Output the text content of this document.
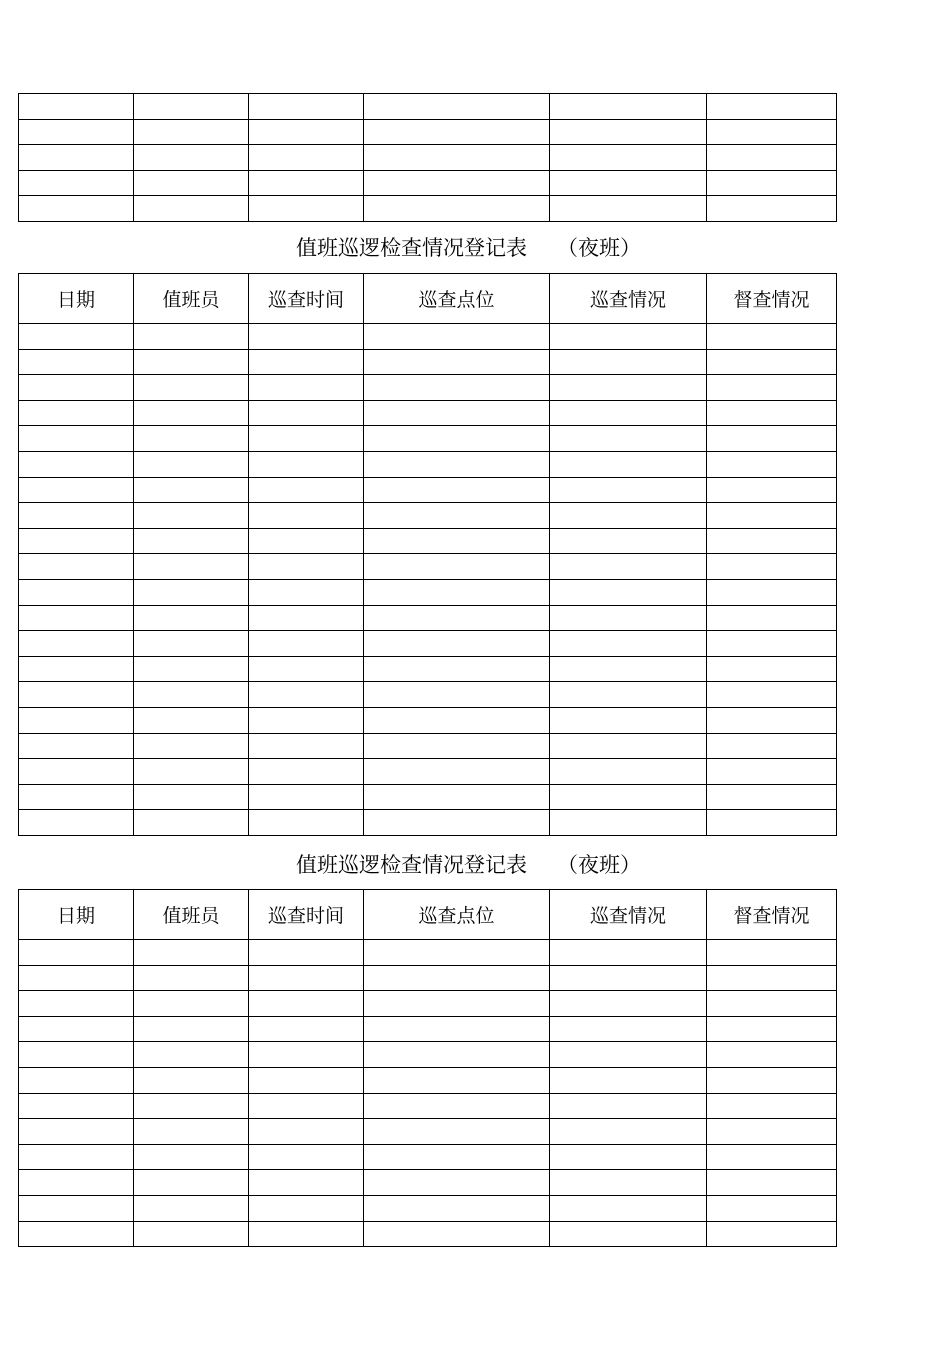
值班巡逻检查情况登记表 （夜班）
日期	值班员	巡查时间	巡查点位	巡查情况	督查情况

值班巡逻检查情况登记表 （夜班）
日期	值班员	巡查时间	巡查点位	巡查情况	督查情况
